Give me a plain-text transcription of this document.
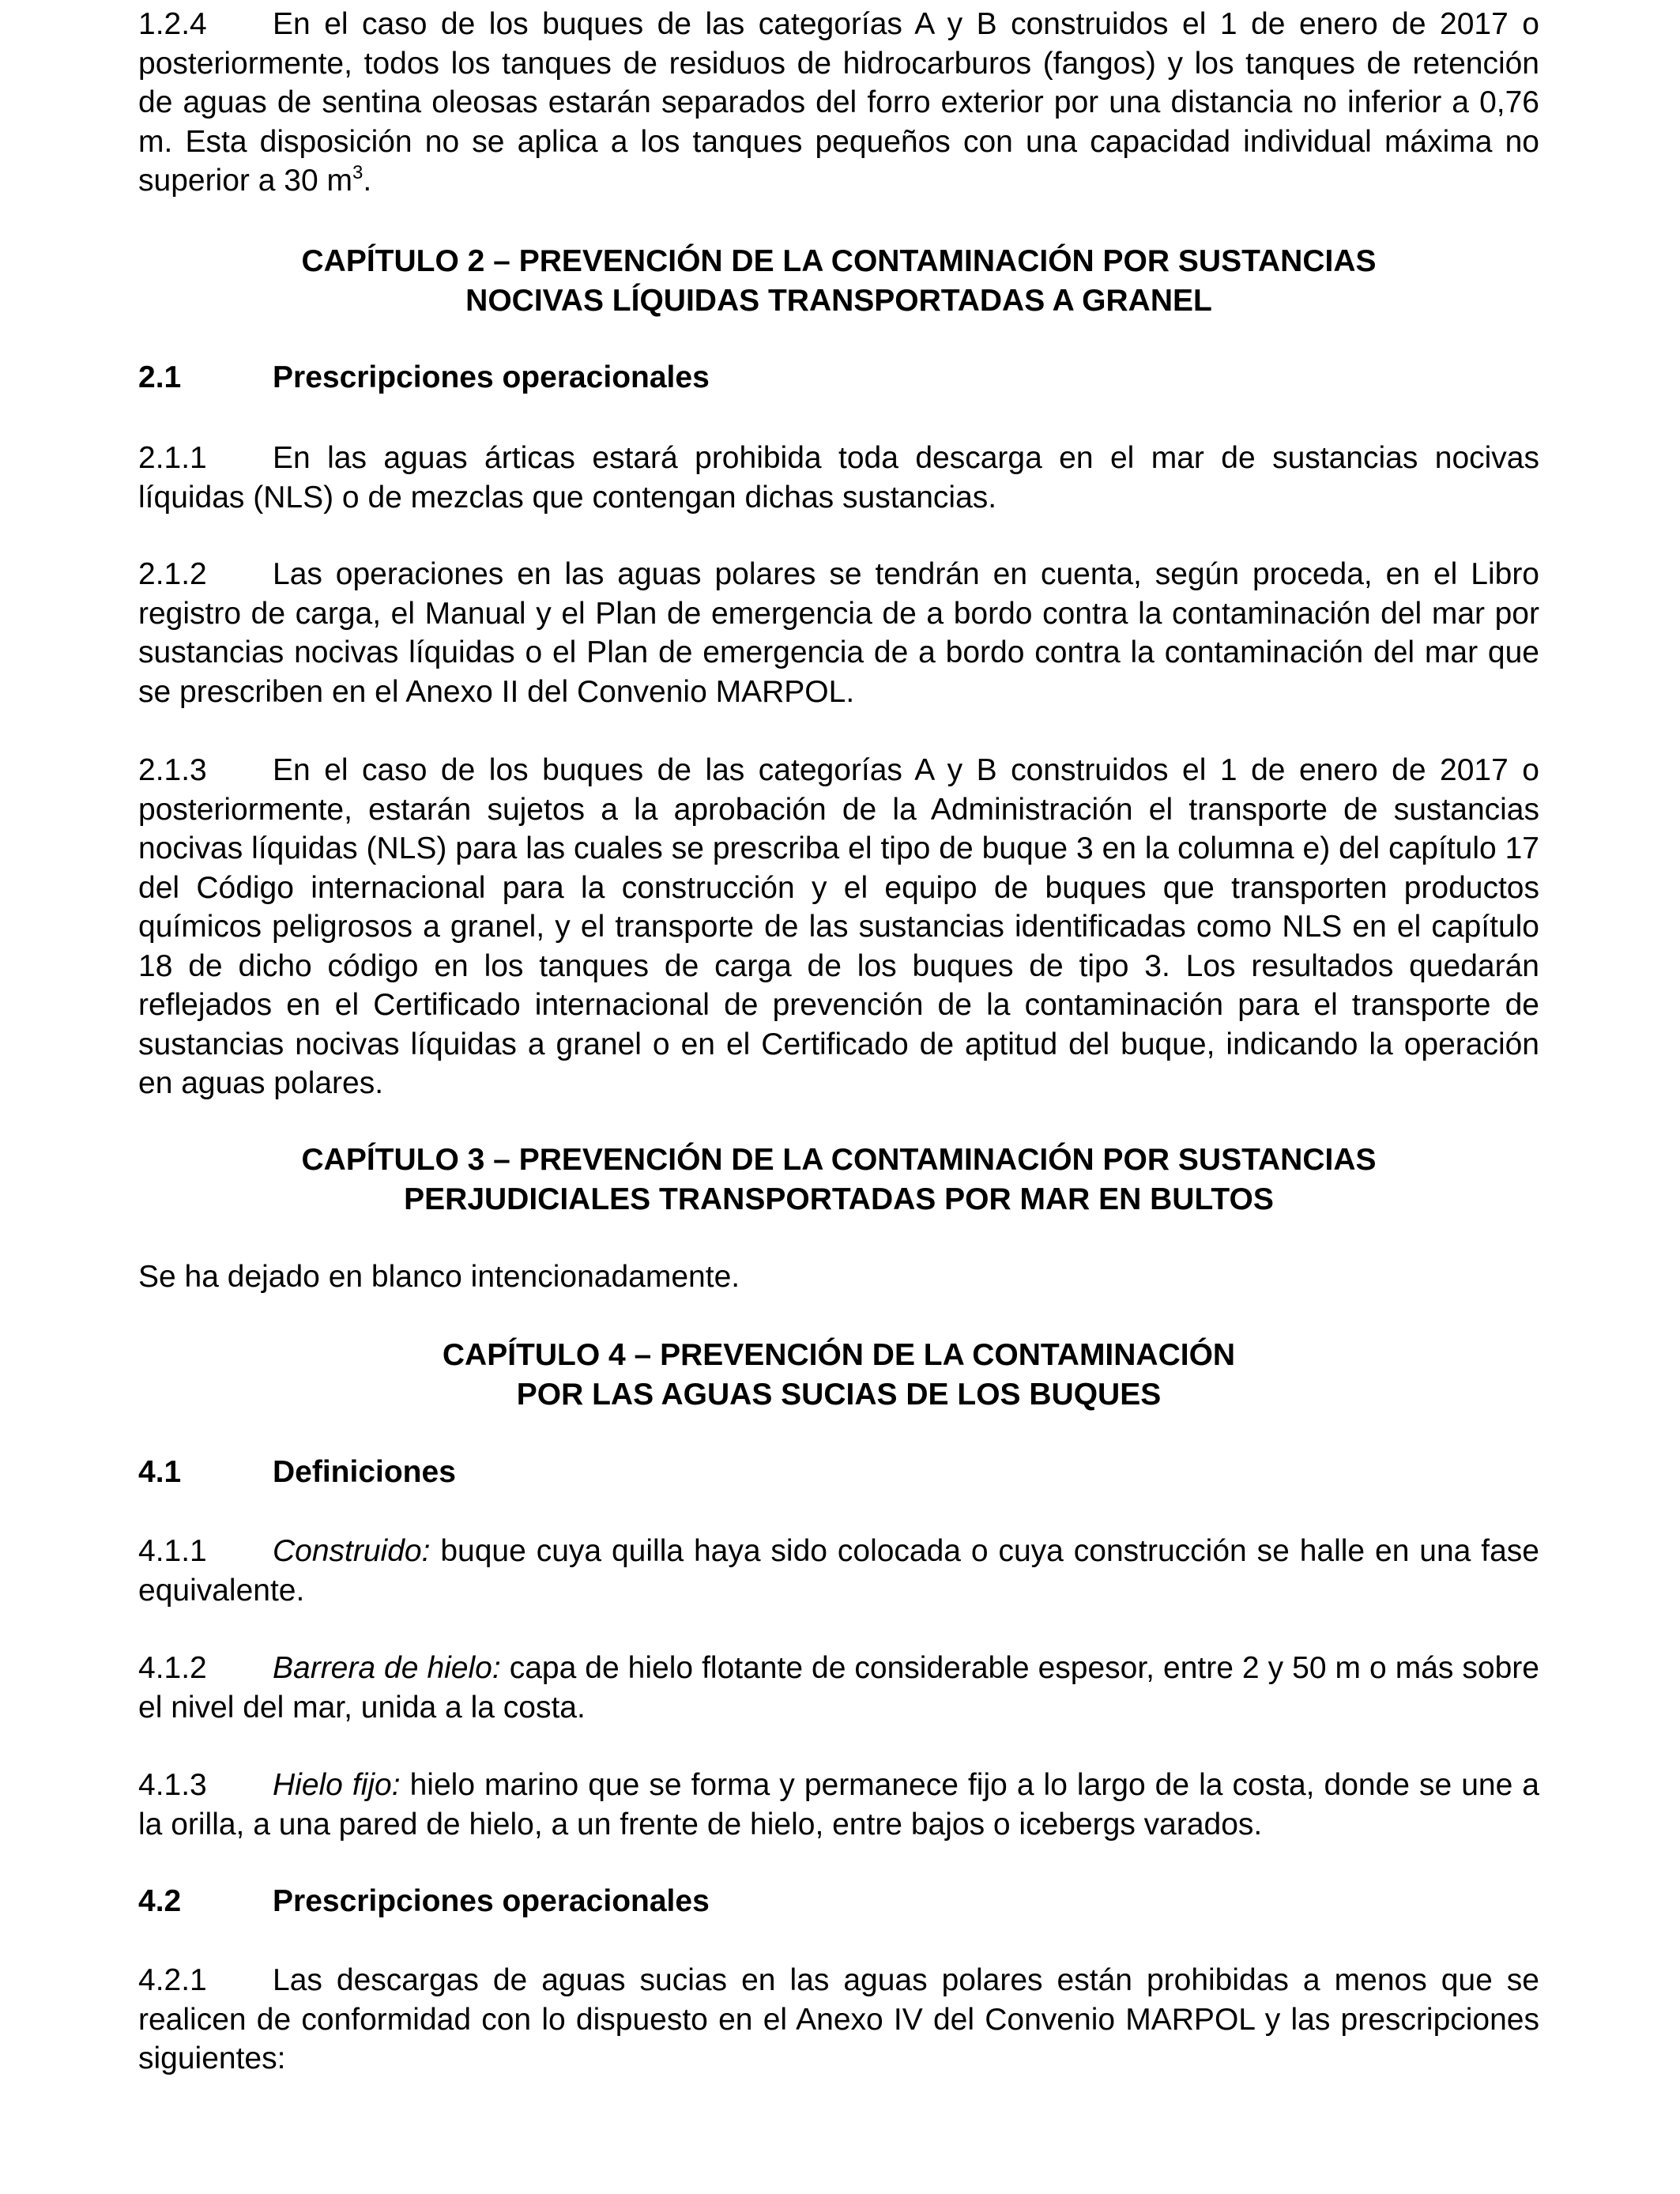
1.2.4 En el caso de los buques de las categorías A y B construidos el 1 de enero de 2017 o posteriormente, todos los tanques de residuos de hidrocarburos (fangos) y los tanques de retención de aguas de sentina oleosas estarán separados del forro exterior por una distancia no inferior a 0,76 m. Esta disposición no se aplica a los tanques pequeños con una capacidad individual máxima no superior a 30 $m^3$.

CAPÍTULO 2 – PREVENCIÓN DE LA CONTAMINACIÓN POR SUSTANCIAS
NOCIVAS LÍQUIDAS TRANSPORTADAS A GRANEL
2.1	Prescripciones operacionales

2.1.1 En las aguas árticas estará prohibida toda descarga en el mar de sustancias nocivas líquidas (NLS) o de mezclas que contengan dichas sustancias.

2.1.2 Las operaciones en las aguas polares se tendrán en cuenta, según proceda, en el Libro registro de carga, el Manual y el Plan de emergencia de a bordo contra la contaminación del mar por sustancias nocivas líquidas o el Plan de emergencia de a bordo contra la contaminación del mar que se prescriben en el Anexo II del Convenio MARPOL.

2.1.3 En el caso de los buques de las categorías A y B construidos el 1 de enero de 2017 o posteriormente, estarán sujetos a la aprobación de la Administración el transporte de sustancias nocivas líquidas (NLS) para las cuales se prescriba el tipo de buque 3 en la columna e) del capítulo 17 del Código internacional para la construcción y el equipo de buques que transporten productos químicos peligrosos a granel, y el transporte de las sustancias identificadas como NLS en el capítulo 18 de dicho código en los tanques de carga de los buques de tipo 3. Los resultados quedarán reflejados en el Certificado internacional de prevención de la contaminación para el transporte de sustancias nocivas líquidas a granel o en el Certificado de aptitud del buque, indicando la operación en aguas polares.

CAPÍTULO 3 – PREVENCIÓN DE LA CONTAMINACIÓN POR SUSTANCIAS
PERJUDICIALES TRANSPORTADAS POR MAR EN BULTOS

Se ha dejado en blanco intencionadamente.

CAPÍTULO 4 – PREVENCIÓN DE LA CONTAMINACIÓN
POR LAS AGUAS SUCIAS DE LOS BUQUES
4.1	Definiciones

4.1.1 Construido: buque cuya quilla haya sido colocada o cuya construcción se halle en una fase equivalente.

4.1.2 Barrera de hielo: capa de hielo flotante de considerable espesor, entre 2 y 50 m o más sobre el nivel del mar, unida a la costa.

4.1.3 Hielo fijo: hielo marino que se forma y permanece fijo a lo largo de la costa, donde se une a la orilla, a una pared de hielo, a un frente de hielo, entre bajos o icebergs varados.

4.2	Prescripciones operacionales

4.2.1 Las descargas de aguas sucias en las aguas polares están prohibidas a menos que se realicen de conformidad con lo dispuesto en el Anexo IV del Convenio MARPOL y las prescripciones siguientes:
